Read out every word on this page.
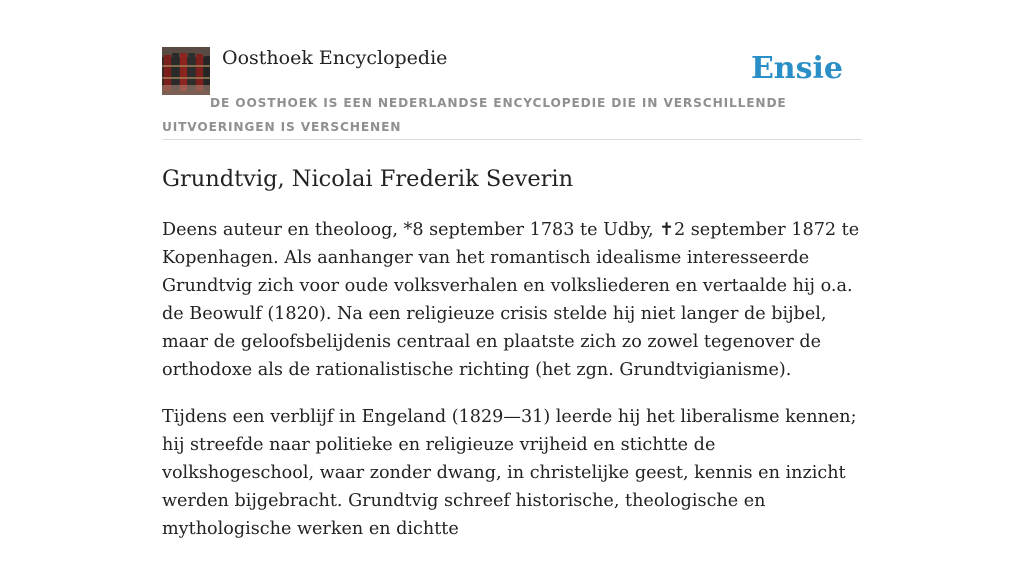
Oosthoek Encyclopedie	Ensie
DE OOSTHOEK IS EEN NEDERLANDSE ENCYCLOPEDIE DIE IN VERSCHILLENDE UITVOERINGEN IS VERSCHENEN
Grundtvig, Nicolai Frederik Severin

Deens auteur en theoloog, *8 september 1783 te Udby, ✝2 september 1872 te Kopenhagen. Als aanhanger van het romantisch idealisme interesseerde Grundtvig zich voor oude volksverhalen en volksliederen en vertaalde hij o.a. de Beowulf (1820). Na een religieuze crisis stelde hij niet langer de bijbel, maar de geloofsbelijdenis centraal en plaatste zich zo zowel tegenover de orthodoxe als de rationalistische richting (het zgn. Grundtvigianisme).

Tijdens een verblijf in Engeland (1829—31) leerde hij het liberalisme kennen; hij streefde naar politieke en religieuze vrijheid en stichtte de volkshogeschool, waar zonder dwang, in christelijke geest, kennis en inzicht werden bijgebracht. Grundtvig schreef historische, theologische en mythologische werken en dichtte
